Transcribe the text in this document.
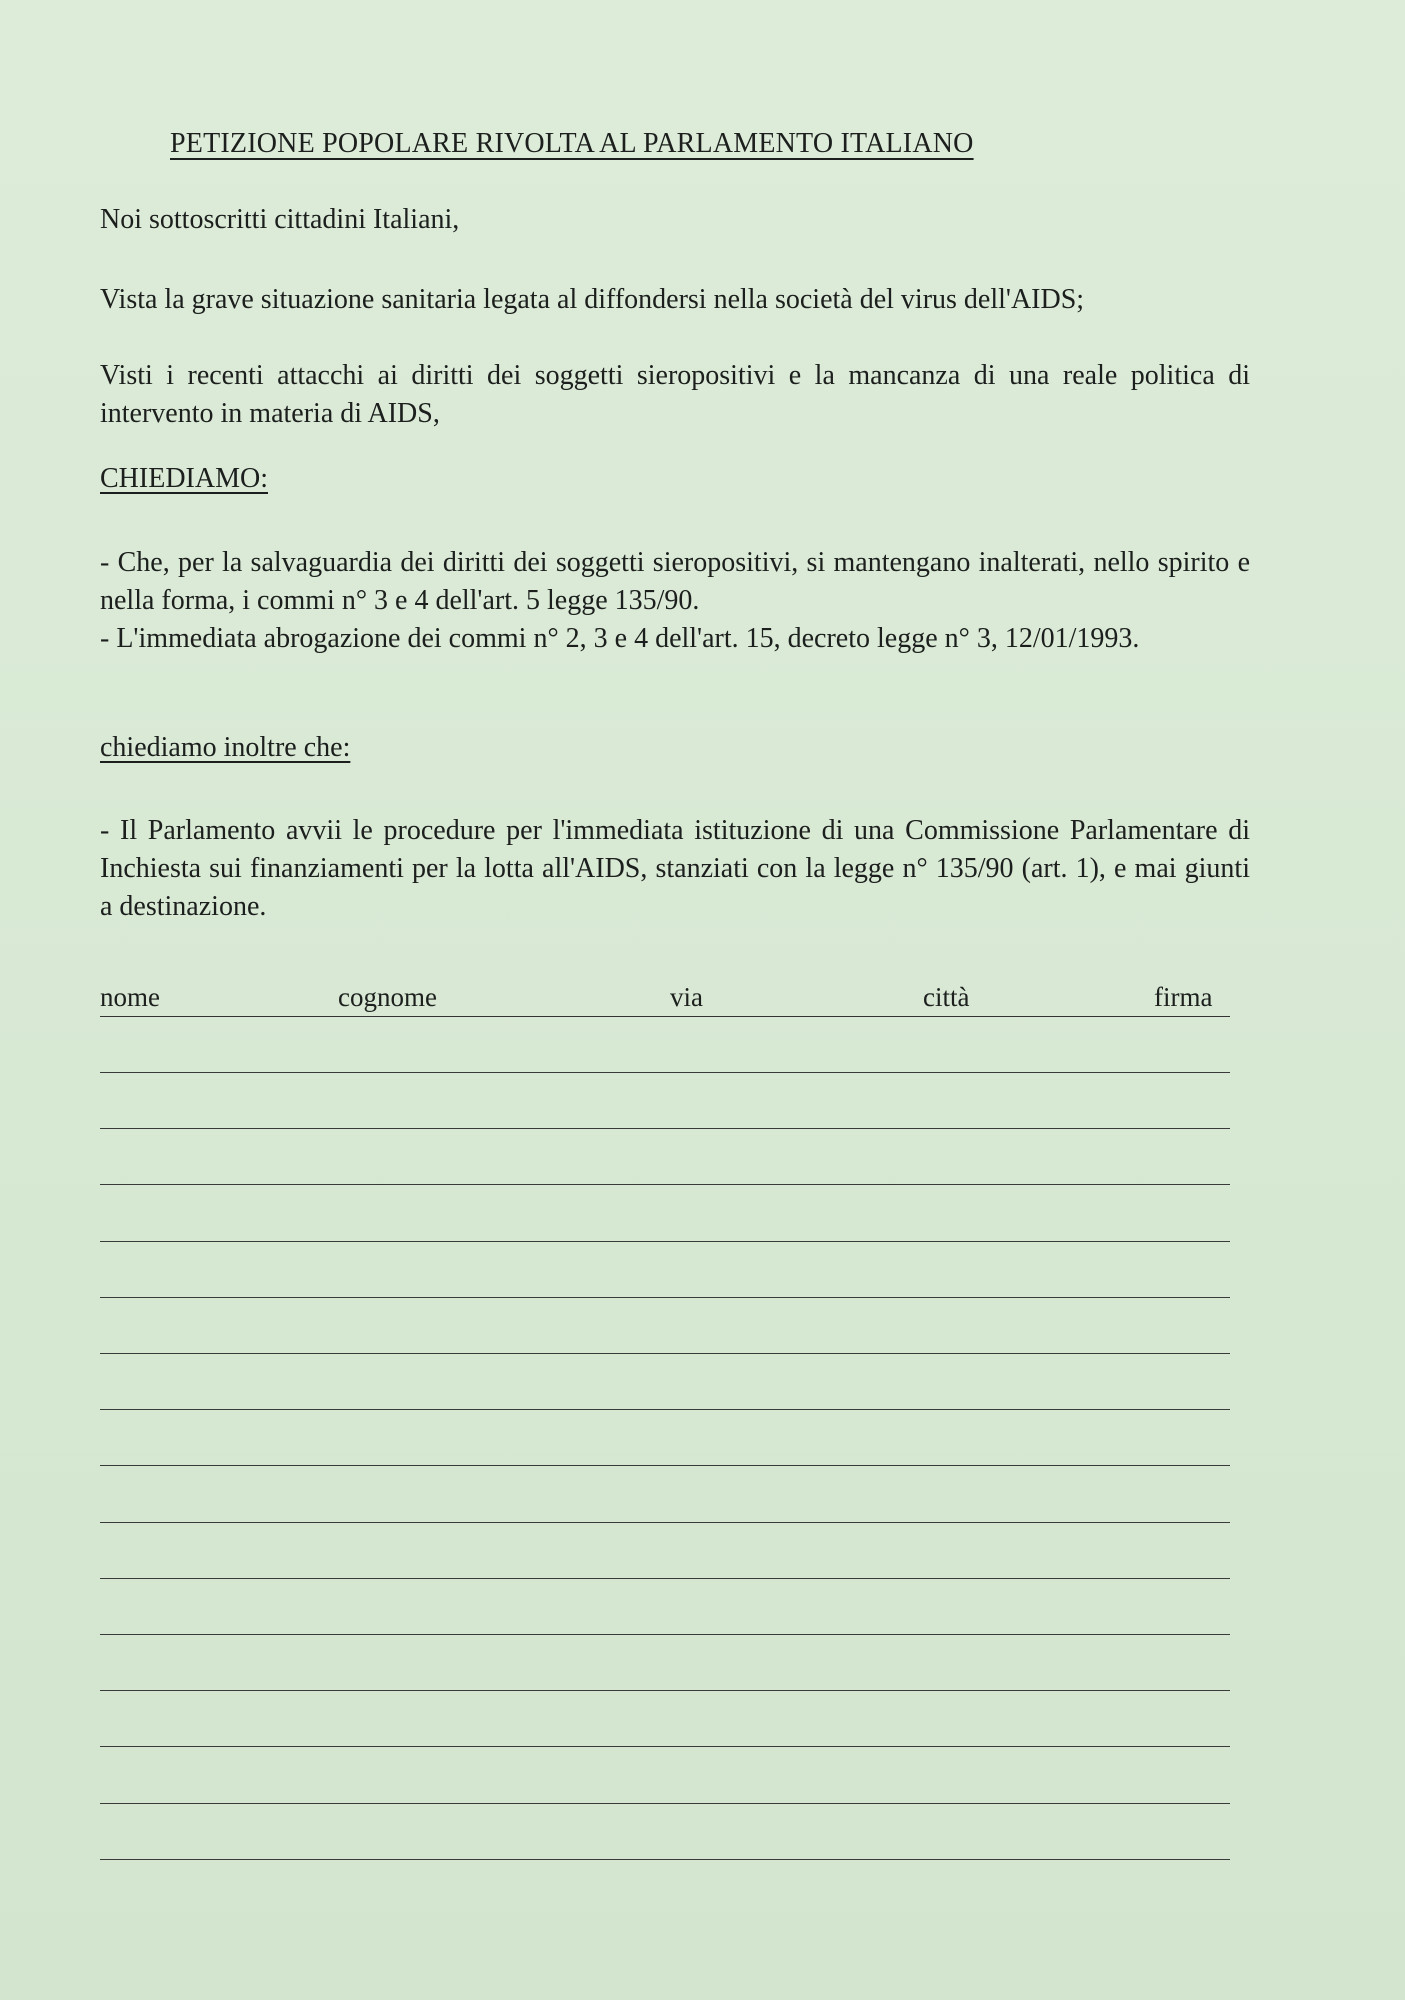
PETIZIONE POPOLARE RIVOLTA AL PARLAMENTO ITALIANO
Noi sottoscritti cittadini Italiani,
Vista la grave situazione sanitaria legata al diffondersi nella società del virus dell'AIDS;
Visti i recenti attacchi ai diritti dei soggetti sieropositivi e la mancanza di una reale politica di intervento in materia di AIDS,
CHIEDIAMO:
- Che, per la salvaguardia dei diritti dei soggetti sieropositivi, si mantengano inalterati, nello spirito e nella forma, i commi n° 3 e 4 dell'art. 5 legge 135/90.
- L'immediata abrogazione dei commi n° 2, 3 e 4 dell'art. 15, decreto legge n° 3, 12/01/1993.
chiediamo inoltre che:
- Il Parlamento avvii le procedure per l'immediata istituzione di una Commissione Parlamentare di Inchiesta sui finanziamenti per la lotta all'AIDS, stanziati con la legge n° 135/90 (art. 1), e mai giunti a destinazione.
nome	cognome	via	città	firma
